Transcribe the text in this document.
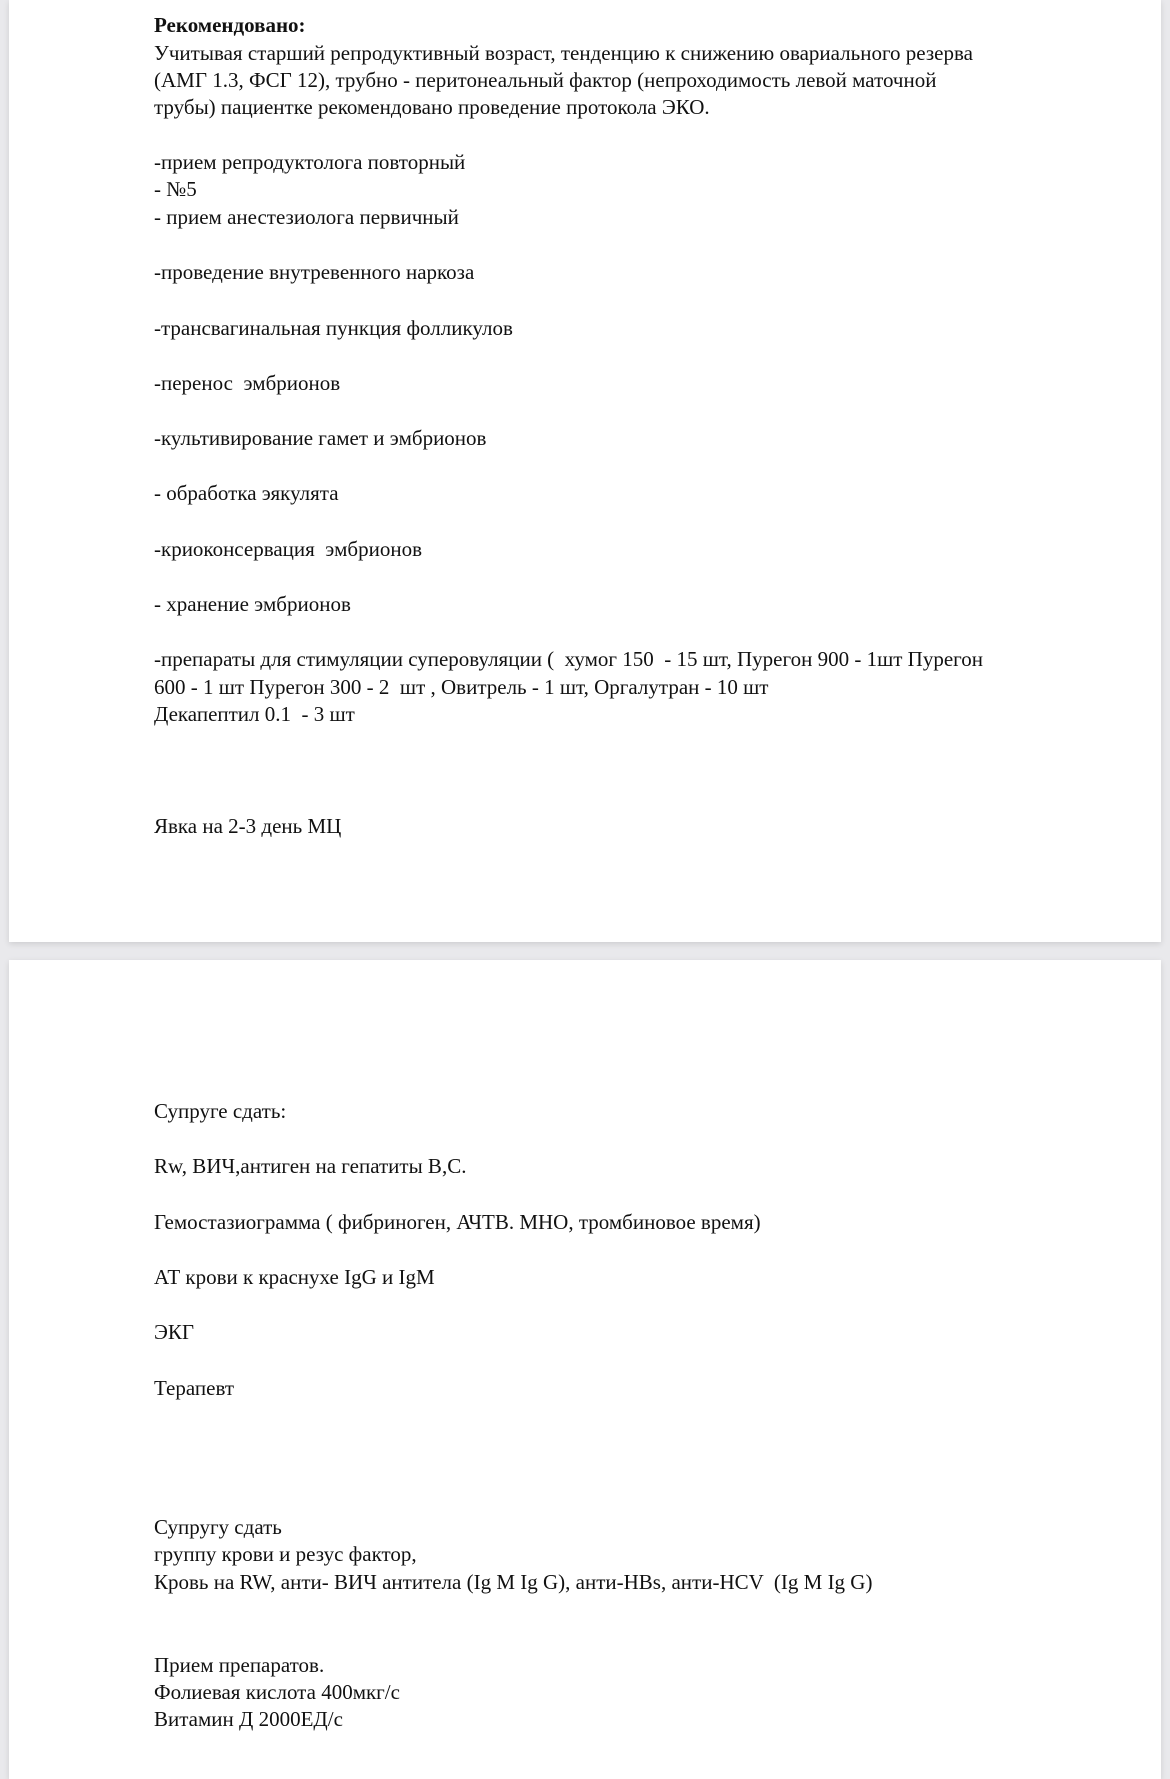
Рекомендовано:

Учитывая старший репродуктивный возраст, тенденцию к снижению овариального резерва

(АМГ 1.3, ФСГ 12), трубно - перитонеальный фактор (непроходимость левой маточной

трубы) пациентке рекомендовано проведение протокола ЭКО.

-прием репродуктолога повторный

- №5

- прием анестезиолога первичный

-проведение внутревенного наркоза

-трансвагинальная пункция фолликулов

-перенос  эмбрионов

-культивирование гамет и эмбрионов

- обработка эякулята

-криоконсервация  эмбрионов

- хранение эмбрионов

-препараты для стимуляции суперовуляции (  хумог 150  - 15 шт, Пурегон 900 - 1шт Пурегон

600 - 1 шт Пурегон 300 - 2  шт , Овитрель - 1 шт, Оргалутран - 10 шт

Декапептил 0.1  - 3 шт

Явка на 2-3 день МЦ

Супруге сдать:

Rw, ВИЧ,антиген на гепатиты В,С.

Гемостазиограмма ( фибриноген, АЧТВ. МНО, тромбиновое время)

АТ крови к краснухе IgG и IgM

ЭКГ

Терапевт

Супругу сдать

группу крови и резус фактор,

Кровь на RW, анти- ВИЧ антитела (Ig M Ig G), анти-HBs, анти-HCV  (Ig M Ig G)

Прием препаратов.

Фолиевая кислота 400мкг/с

Витамин Д 2000ЕД/с
